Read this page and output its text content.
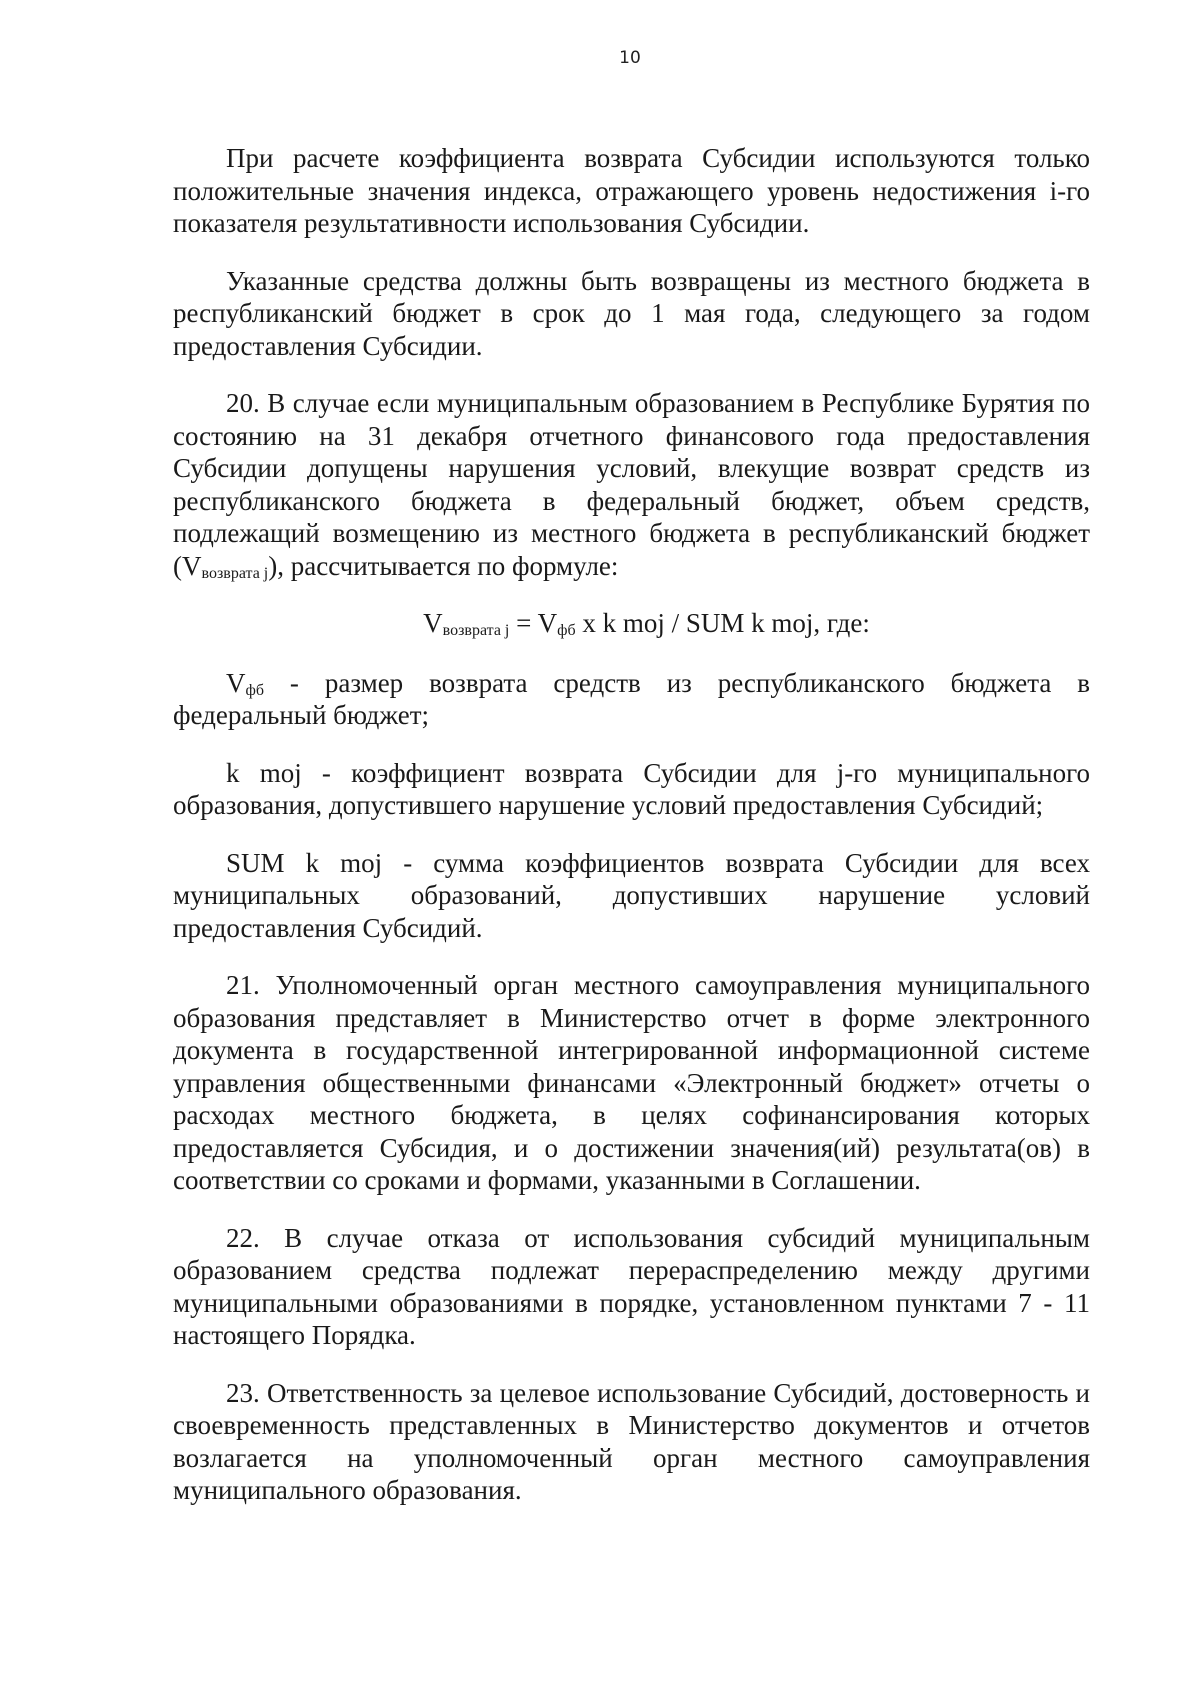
10

При расчете коэффициента возврата Субсидии используются только положительные значения индекса, отражающего уровень недостижения i-го показателя результативности использования Субсидии.

Указанные средства должны быть возвращены из местного бюджета в республиканский бюджет в срок до 1 мая года, следующего за годом предоставления Субсидии.

20. В случае если муниципальным образованием в Республике Бурятия по состоянию на 31 декабря отчетного финансового года предоставления Субсидии допущены нарушения условий, влекущие возврат средств из республиканского бюджета в федеральный бюджет, объем средств, подлежащий возмещению из местного бюджета в республиканский бюджет $(V_{возврата j})$, рассчитывается по формуле:

$V_{возврата j} = V_{фб}$ x k moj / SUM k moj, где:

$V_{фб}$ - размер возврата средств из республиканского бюджета в федеральный бюджет;

k moj - коэффициент возврата Субсидии для j-го муниципального образования, допустившего нарушение условий предоставления Субсидий;

SUM k moj - сумма коэффициентов возврата Субсидии для всех муниципальных образований, допустивших нарушение условий предоставления Субсидий.

21. Уполномоченный орган местного самоуправления муниципального образования представляет в Министерство отчет в форме электронного документа в государственной интегрированной информационной системе управления общественными финансами «Электронный бюджет» отчеты о расходах местного бюджета, в целях софинансирования которых предоставляется Субсидия, и о достижении значения(ий) результата(ов) в соответствии со сроками и формами, указанными в Соглашении.

22. В случае отказа от использования субсидий муниципальным образованием средства подлежат перераспределению между другими муниципальными образованиями в порядке, установленном пунктами 7 - 11 настоящего Порядка.

23. Ответственность за целевое использование Субсидий, достоверность и своевременность представленных в Министерство документов и отчетов возлагается на уполномоченный орган местного самоуправления муниципального образования.
